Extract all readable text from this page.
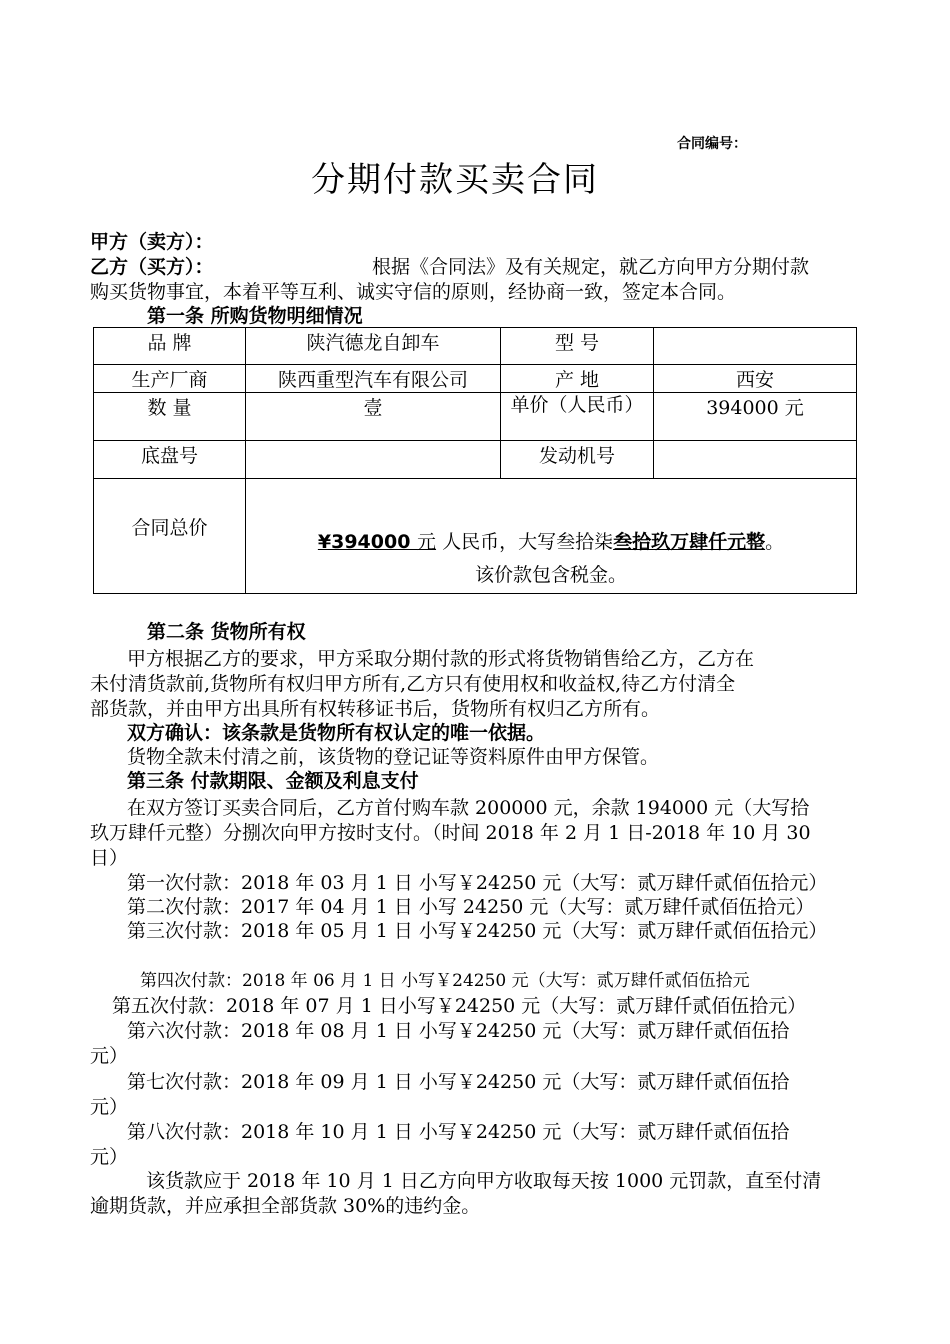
合同编号：
分期付款买卖合同
甲方（卖方）：
乙方（买方）：	根据《合同法》及有关规定，就乙方向甲方分期付款
购买货物事宜，本着平等互利、诚实守信的原则，经协商一致，签定本合同。
第一条 所购货物明细情况
品 牌	陕汽德龙自卸车	型 号	
生产厂商	陕西重型汽车有限公司	产 地	西安
数 量	壹	单价（人民币）	394000 元
底盘号		发动机号	
合同总价	¥394000 元 人民币，大写叁拾柒叁拾玖万肆仟元整。
该价款包含税金。		
第二条 货物所有权
甲方根据乙方的要求，甲方采取分期付款的形式将货物销售给乙方，乙方在
未付清货款前,货物所有权归甲方所有,乙方只有使用权和收益权,待乙方付清全
部货款，并由甲方出具所有权转移证书后，货物所有权归乙方所有。
双方确认：该条款是货物所有权认定的唯一依据。
货物全款未付清之前，该货物的登记证等资料原件由甲方保管。
第三条 付款期限、金额及利息支付
在双方签订买卖合同后，乙方首付购车款 200000 元，余款 194000 元（大写拾
玖万肆仟元整）分捌次向甲方按时支付。（时间 2018 年 2 月 1 日-2018 年 10 月 30
日）
第一次付款：2018 年 03 月 1 日 小写￥24250 元（大写：贰万肆仟贰佰伍拾元）
第二次付款：2017 年 04 月 1 日 小写 24250 元（大写：贰万肆仟贰佰伍拾元）
第三次付款：2018 年 05 月 1 日 小写￥24250 元（大写：贰万肆仟贰佰伍拾元）
第四次付款：2018 年 06 月 1 日 小写￥24250 元（大写：贰万肆仟贰佰伍拾元
第五次付款：2018 年 07 月 1 日小写￥24250 元（大写：贰万肆仟贰佰伍拾元）
第六次付款：2018 年 08 月 1 日 小写￥24250 元（大写：贰万肆仟贰佰伍拾
元）
第七次付款：2018 年 09 月 1 日 小写￥24250 元（大写：贰万肆仟贰佰伍拾
元）
第八次付款：2018 年 10 月 1 日 小写￥24250 元（大写：贰万肆仟贰佰伍拾
元）
该货款应于 2018 年 10 月 1 日乙方向甲方收取每天按 1000 元罚款，直至付清
逾期货款，并应承担全部货款 30%的违约金。
